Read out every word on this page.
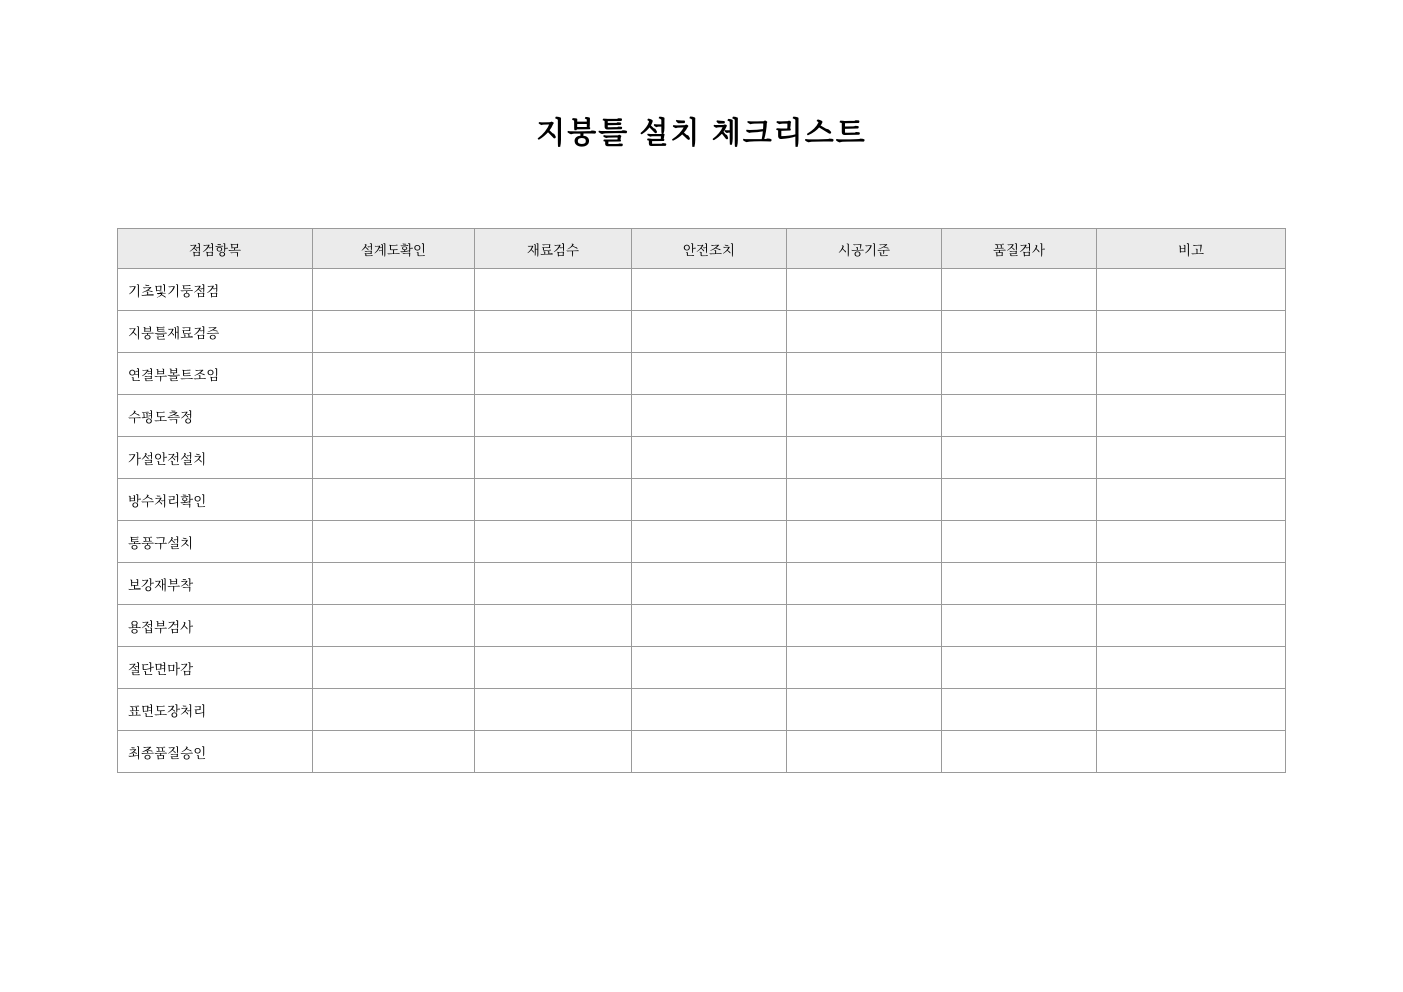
지붕틀 설치 체크리스트
점검항목	설계도확인	재료검수	안전조치	시공기준	품질검사	비고
기초및기둥점검						
지붕틀재료검증						
연결부볼트조임						
수평도측정						
가설안전설치						
방수처리확인						
통풍구설치						
보강재부착						
용접부검사						
절단면마감						
표면도장처리						
최종품질승인						
